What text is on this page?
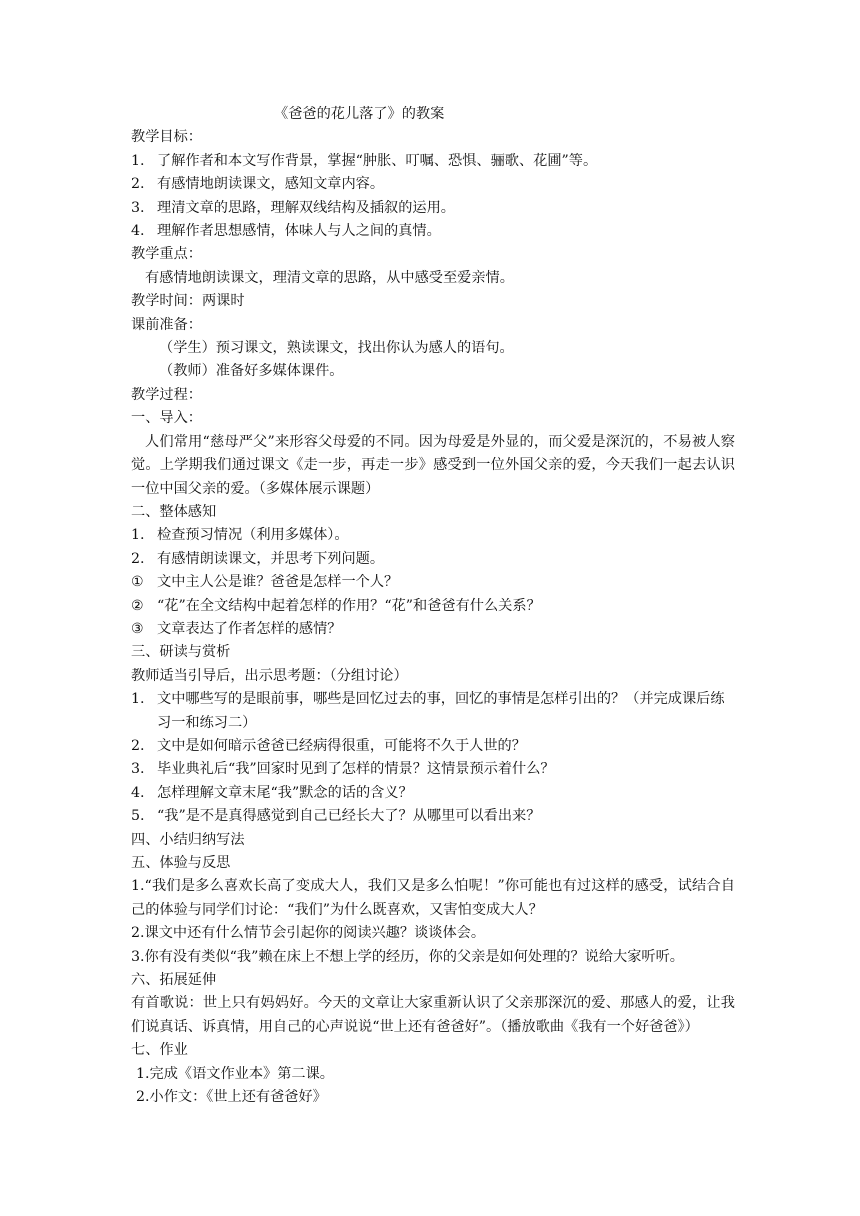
《爸爸的花儿落了》的教案
教学目标：
1. 了解作者和本文写作背景，掌握“肿胀、叮嘱、恐惧、骊歌、花圃”等。
2. 有感情地朗读课文，感知文章内容。
3. 理清文章的思路，理解双线结构及插叙的运用。
4. 理解作者思想感情，体味人与人之间的真情。
教学重点：
有感情地朗读课文，理清文章的思路，从中感受至爱亲情。
教学时间：两课时
课前准备：
（学生）预习课文，熟读课文，找出你认为感人的语句。
（教师）准备好多媒体课件。
教学过程：
一、导入：
人们常用“慈母严父”来形容父母爱的不同。因为母爱是外显的，而父爱是深沉的，不易被人察觉。上学期我们通过课文《走一步，再走一步》感受到一位外国父亲的爱，今天我们一起去认识一位中国父亲的爱。（多媒体展示课题）
二、整体感知
1. 检查预习情况（利用多媒体）。
2. 有感情朗读课文，并思考下列问题。
① 文中主人公是谁？爸爸是怎样一个人？
② “花”在全文结构中起着怎样的作用？“花”和爸爸有什么关系？
③ 文章表达了作者怎样的感情？
三、研读与赏析
教师适当引导后，出示思考题：（分组讨论）
1. 文中哪些写的是眼前事，哪些是回忆过去的事，回忆的事情是怎样引出的？（并完成课后练习一和练习二）
2. 文中是如何暗示爸爸已经病得很重，可能将不久于人世的？
3. 毕业典礼后“我”回家时见到了怎样的情景？这情景预示着什么？
4. 怎样理解文章末尾“我”默念的话的含义？
5. “我”是不是真得感觉到自己已经长大了？从哪里可以看出来？
四、小结归纳写法
五、体验与反思
1.“我们是多么喜欢长高了变成大人，我们又是多么怕呢！”你可能也有过这样的感受，试结合自己的体验与同学们讨论：“我们”为什么既喜欢，又害怕变成大人？
2.课文中还有什么情节会引起你的阅读兴趣？谈谈体会。
3.你有没有类似“我”赖在床上不想上学的经历，你的父亲是如何处理的？说给大家听听。
六、拓展延伸
有首歌说：世上只有妈妈好。今天的文章让大家重新认识了父亲那深沉的爱、那感人的爱，让我们说真话、诉真情，用自己的心声说说“世上还有爸爸好”。（播放歌曲《我有一个好爸爸》）
七、作业
1.完成《语文作业本》第二课。
2.小作文：《世上还有爸爸好》
